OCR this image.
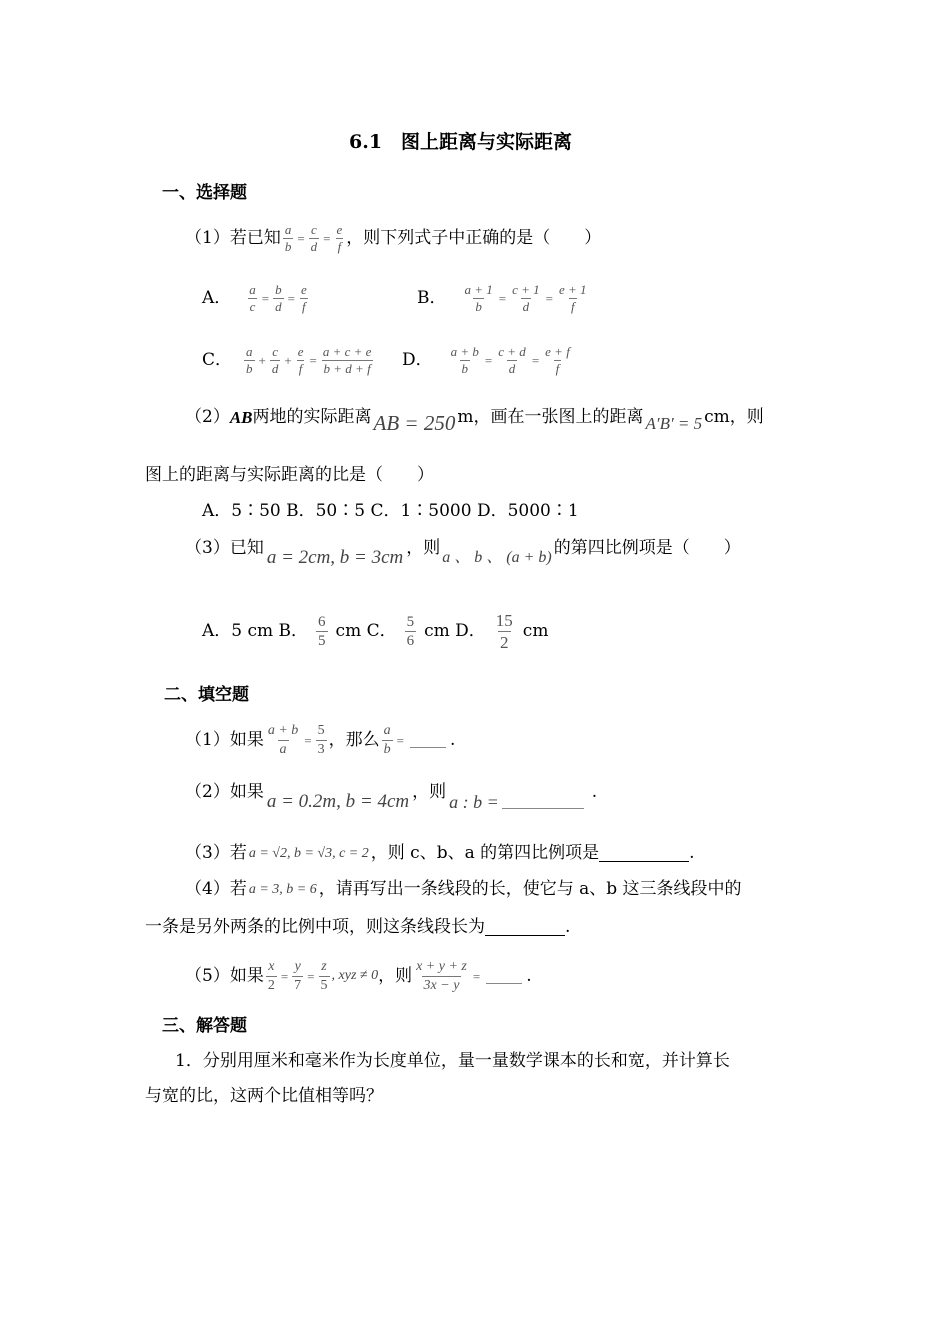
6.1　图上距离与实际距离
一、选择题
（1）若已知 $\frac{a}{b} = \frac{c}{d} = \frac{e}{f}$ ，则下列式子中正确的是（　　）
A． $\frac{a}{c} = \frac{b}{d} = \frac{e}{f}$	B． $\frac{a + 1}{b} = \frac{c + 1}{d} = \frac{e + 1}{f}$
C． $\frac{a}{b} + \frac{c}{d} + \frac{e}{f} = \frac{a + c + e}{b + d + f}$ D． $\frac{a + b}{b} = \frac{c + d}{d} = \frac{e + f}{f}$
（2） AB 两地的实际距离 AB = 250 m，画在一张图上的距离 A′B′ = 5 cm，则
图上的距离与实际距离的比是（　　）
A．5∶50 B．50∶5 C．1∶5000 D．5000∶1
（3）已知 a = 2cm, b = 3cm ，则 a 、 b 、 (a + b) 的第四比例项是（　　）
A．5 cm B． $\frac{6}{5}$ cm C． $\frac{5}{6}$ cm D． $\frac{15}{2}$ cm
二、填空题
（1）如果 $\frac{a + b}{a} = \frac{5}{3}$ ，那么 $\frac{a}{b}$ =	.
（2）如果 a = 0.2m, b = 4cm ，则 a : b =	.
（3）若 a = √2, b = √3, c = 2 ，则 c、b、a 的第四比例项是	.
（4）若 a = 3, b = 6 ，请再写出一条线段的长，使它与 a、b 这三条线段中的
一条是另外两条的比例中项，则这条线段长为	.
（5）如果 $\frac{x}{2} = \frac{y}{7} = \frac{z}{5}$ , xyz ≠ 0 ，则 $\frac{x + y + z}{3x - y}$ =	.
三、解答题
1．分别用厘米和毫米作为长度单位，量一量数学课本的长和宽，并计算长
与宽的比，这两个比值相等吗？
